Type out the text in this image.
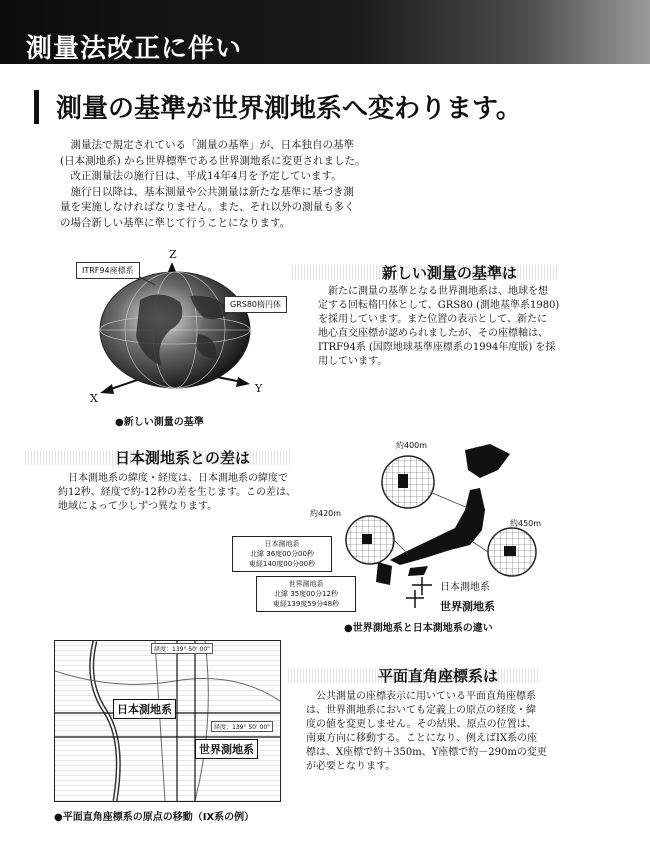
測量法改正に伴い
測量の基準が世界測地系へ変わります。

　測量法で規定されている「測量の基準」が、日本独自の基準

(日本測地系) から世界標準である世界測地系に変更されました。

　改正測量法の施行日は、平成14年4月を予定しています。

　施行日以降は、基本測量や公共測量は新たな基準に基づき測

量を実施しなければなりません。また、それ以外の測量も多く

の場合新しい基準に準じて行うことになります。

ITRF94座標系
GRS80楕円体
Z
X
Y
●新しい測量の基準
新しい測量の基準は
　新たに測量の基準となる世界測地系は、地球を想
定する回転楕円体として、GRS80 (測地基準系1980)
を採用しています。また位置の表示として、新たに
地心直交座標が認められましたが、その座標軸は、
ITRF94系 (国際地球基準座標系の1994年度版) を採
用しています。
日本測地系との差は
　日本測地系の緯度・経度は、日本測地系の緯度で
約12秒、経度で約-12秒の差を生じます。この差は、
地域によって少しずつ異なります。
約400m
約420m
約450m
日本測地系
北緯 36度00分00秒
東経140度00分00秒
世界測地系
北緯 35度00分12秒
東経139度59分48秒
日本測地系
世界測地系
●世界測地系と日本測地系の違い
経度：139° 50' 00"
経度：139° 50' 00"
日本測地系
世界測地系
●平面直角座標系の原点の移動（IX系の例）
平面直角座標系は
　公共測量の座標表示に用いている平面直角座標系
は、世界測地系においても定義上の原点の経度・緯
度の値を変更しません。その結果、原点の位置は、
南東方向に移動する。ことになり、例えばIX系の座
標は、X座標で約＋350m、Y座標で約－290mの変更
が必要となります。
